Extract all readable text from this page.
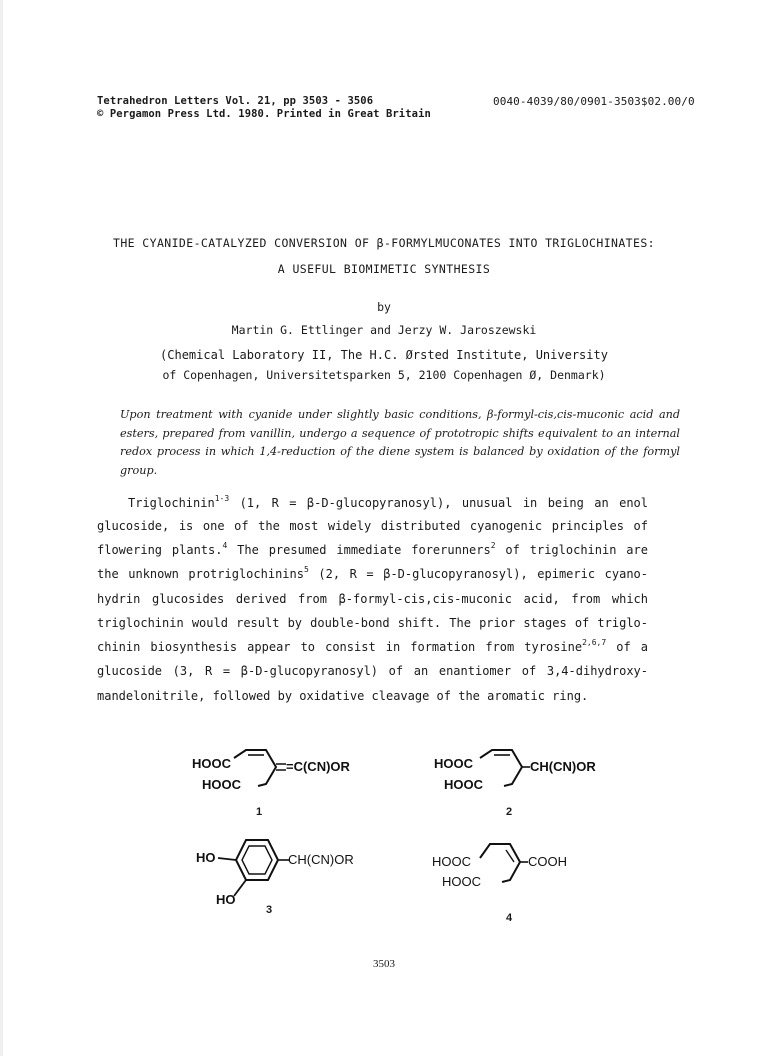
Tetrahedron Letters Vol. 21, pp 3503 - 3506
© Pergamon Press Ltd. 1980. Printed in Great Britain
0040-4039/80/0901-3503$02.00/0
THE CYANIDE-CATALYZED CONVERSION OF β-FORMYLMUCONATES INTO TRIGLOCHINATES:
A USEFUL BIOMIMETIC SYNTHESIS
by
Martin G. Ettlinger and Jerzy W. Jaroszewski
(Chemical Laboratory II, The H.C. Ørsted Institute, University
of Copenhagen, Universitetsparken 5, 2100 Copenhagen Ø, Denmark)
Upon treatment with cyanide under slightly basic conditions, β-formyl-cis,cis-muconic acid and esters, prepared from vanillin, undergo a sequence of prototropic shifts equivalent to an internal redox process in which 1,4-reduction of the diene system is balanced by oxidation of the formyl group.
Triglochinin$^{1-3}$ (1, R = β-D-glucopyranosyl), unusual in being an enol
glucoside, is one of the most widely distributed cyanogenic principles of
flowering plants.$^4$ The presumed immediate forerunners$^2$ of triglochinin are
the unknown protriglochinins$^5$ (2, R = β-D-glucopyranosyl), epimeric cyano-
hydrin glucosides derived from β-formyl-cis,cis-muconic acid, from which
triglochinin would result by double-bond shift. The prior stages of triglo-
chinin biosynthesis appear to consist in formation from tyrosine$^{2,6,7}$ of a
glucoside (3, R = β-D-glucopyranosyl) of an enantiomer of 3,4-dihydroxy-
mandelonitrile, followed by oxidative cleavage of the aromatic ring.
HOOC
HOOC
=C(CN)OR
1
HOOC
HOOC
CH(CN)OR
2
HO
HO
CH(CN)OR
3
HOOC
HOOC
COOH
4
3503
